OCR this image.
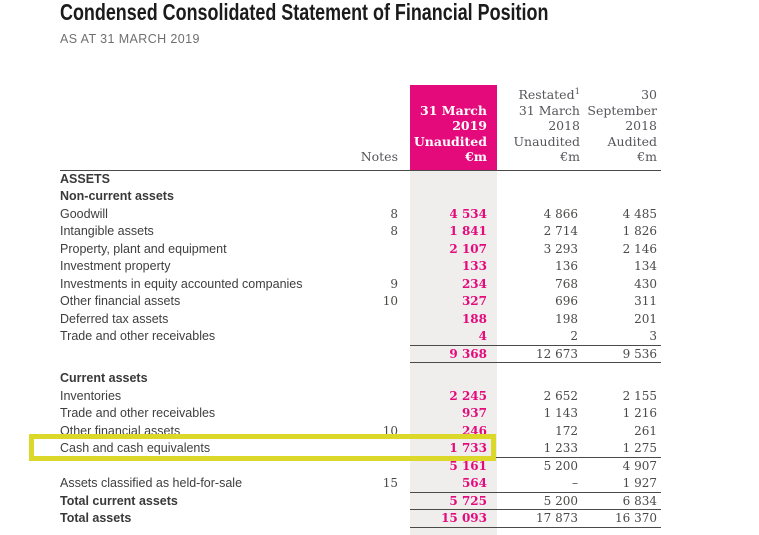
Condensed Consolidated Statement of Financial Position
AS AT 31 MARCH 2019
	Notes	
31 March
2019
Unaudited
€m

Restated$^1$
31 March
2018
Unaudited
€m

30 September
2018
Audited
€m

ASSETS				
Non-current assets				
Goodwill	8	4 534	4 866	4 485
Intangible assets	8	1 841	2 714	1 826
Property, plant and equipment		2 107	3 293	2 146
Investment property		133	136	134
Investments in equity accounted companies	9	234	768	430
Other financial assets	10	327	696	311
Deferred tax assets		188	198	201
Trade and other receivables		4	2	3
		9 368	12 673	9 536

Current assets				
Inventories		2 245	2 652	2 155
Trade and other receivables		937	1 143	1 216
Other financial assets	10	246	172	261
Cash and cash equivalents		1 733	1 233	1 275
		5 161	5 200	4 907
Assets classified as held-for-sale	15	564	–	1 927
Total current assets		5 725	5 200	6 834
Total assets		15 093	17 873	16 370
